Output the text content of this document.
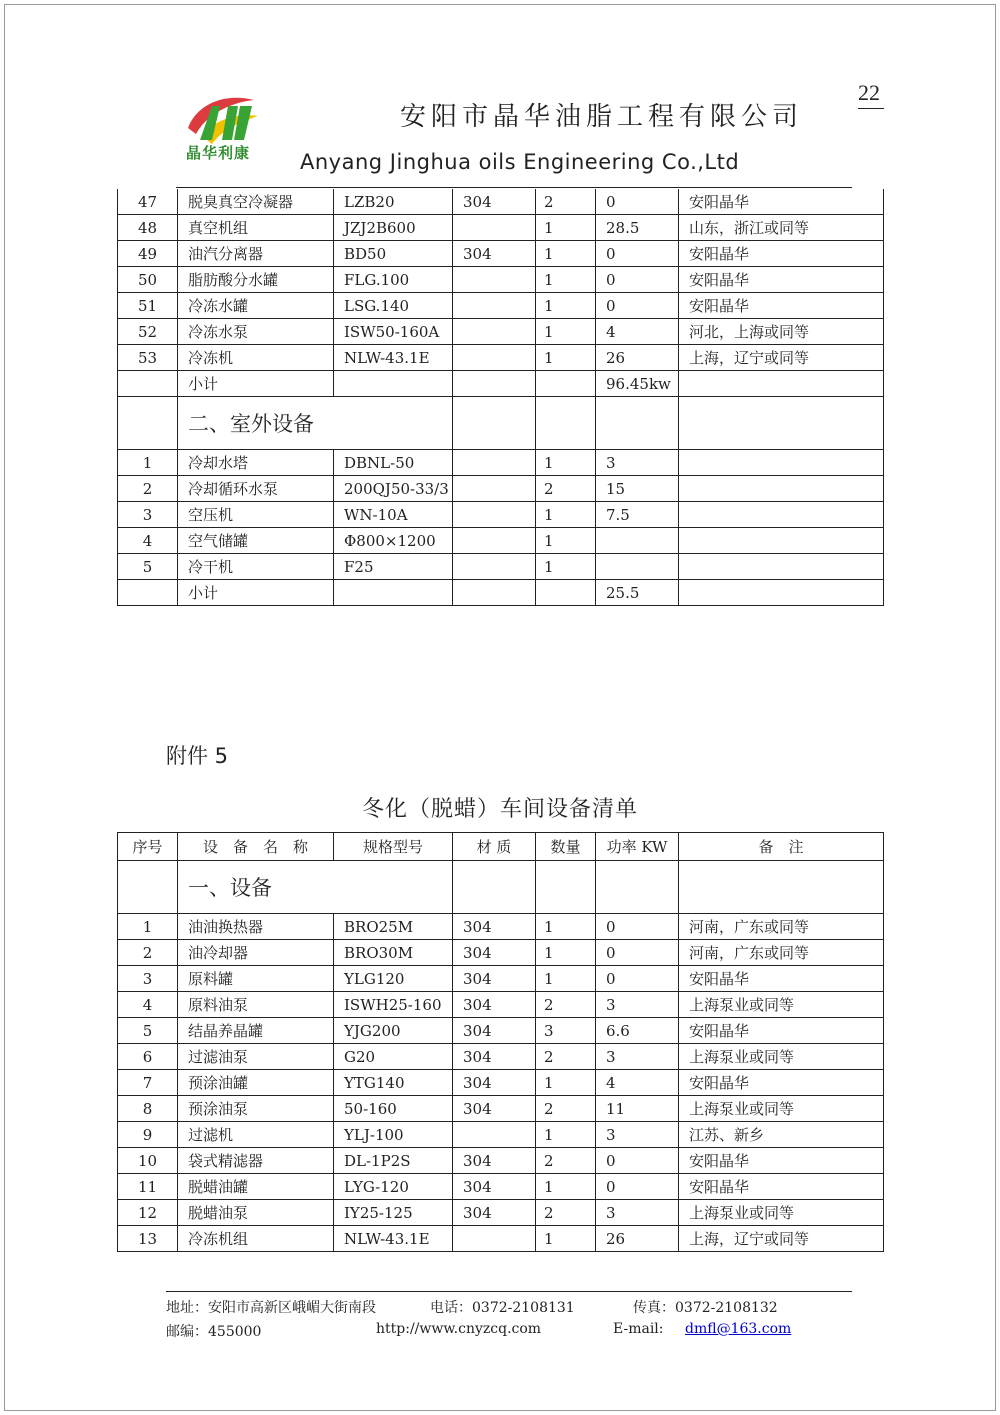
晶华利康
安阳市晶华油脂工程有限公司
Anyang Jinghua oils Engineering Co.,Ltd
22
47	脱臭真空冷凝器	LZB20	304	2	0	安阳晶华
48	真空机组	JZJ2B600		1	28.5	山东，浙江或同等
49	油汽分离器	BD50	304	1	0	安阳晶华
50	脂肪酸分水罐	FLG.100		1	0	安阳晶华
51	冷冻水罐	LSG.140		1	0	安阳晶华
52	冷冻水泵	ISW50-160A		1	4	河北，上海或同等
53	冷冻机	NLW-43.1E		1	26	上海，辽宁或同等
	小计				96.45kw	
	二、室外设备					
1	冷却水塔	DBNL-50		1	3	
2	冷却循环水泵	200QJ50-33/3		2	15	
3	空压机	WN-10A		1	7.5	
4	空气储罐	Φ800×1200		1		
5	冷干机	F25		1		
	小计				25.5	
附件 5
冬化（脱蜡）车间设备清单
序号	设　备　名　称	规格型号	材 质	数量	功率 KW	备　注
	一、设备					
1	油油换热器	BRO25M	304	1	0	河南，广东或同等
2	油冷却器	BRO30M	304	1	0	河南，广东或同等
3	原料罐	YLG120	304	1	0	安阳晶华
4	原料油泵	ISWH25-160	304	2	3	上海泵业或同等
5	结晶养晶罐	YJG200	304	3	6.6	安阳晶华
6	过滤油泵	G20	304	2	3	上海泵业或同等
7	预涂油罐	YTG140	304	1	4	安阳晶华
8	预涂油泵	50-160	304	2	11	上海泵业或同等
9	过滤机	YLJ-100		1	3	江苏、新乡
10	袋式精滤器	DL-1P2S	304	2	0	安阳晶华
11	脱蜡油罐	LYG-120	304	1	0	安阳晶华
12	脱蜡油泵	IY25-125	304	2	3	上海泵业或同等
13	冷冻机组	NLW-43.1E		1	26	上海，辽宁或同等
地址：安阳市高新区峨嵋大街南段	电话：0372-2108131	传真：0372-2108132
邮编：455000	http://www.cnyzcq.com	E-mail: dmfl@163.com
